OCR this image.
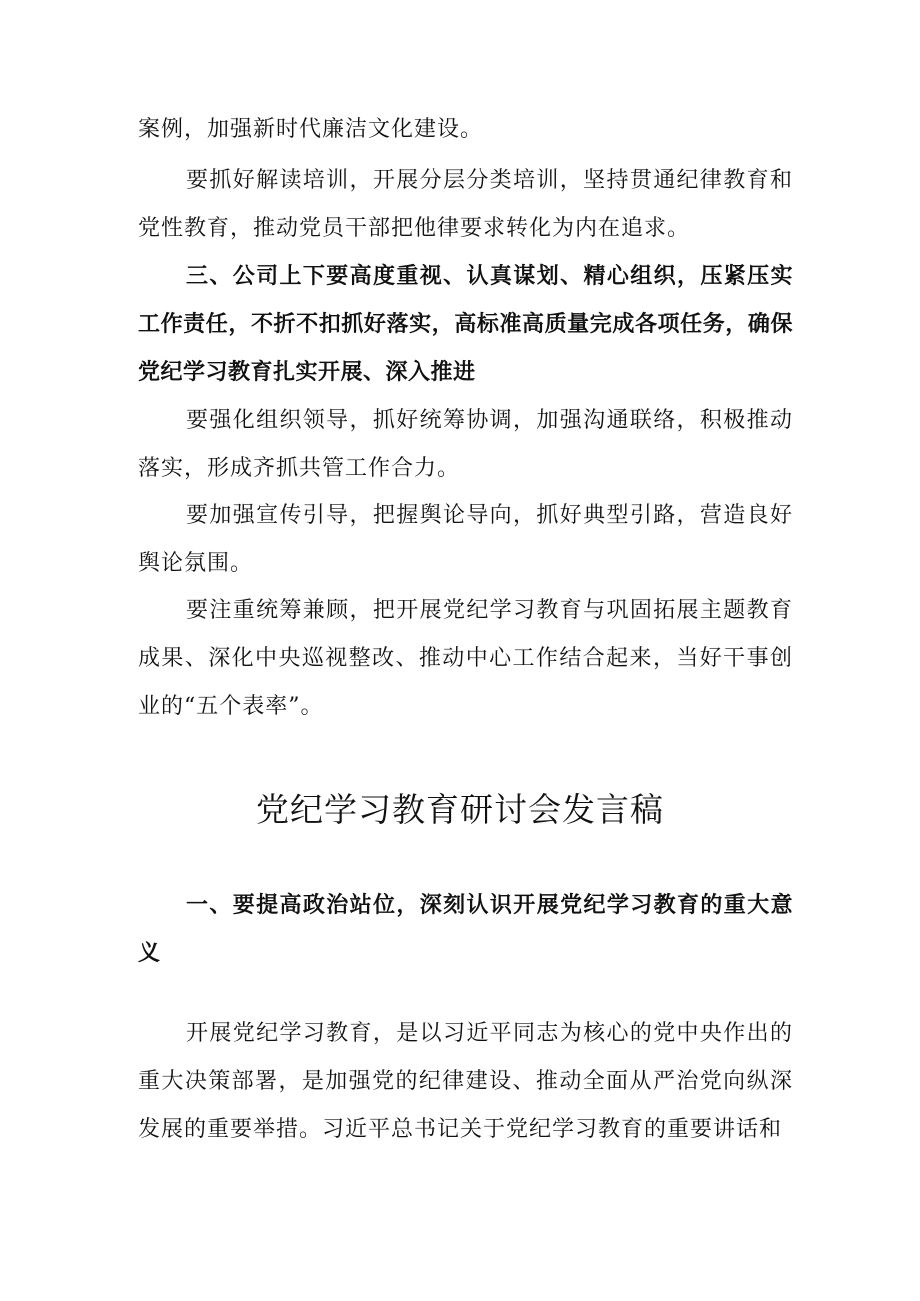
案例，加强新时代廉洁文化建设。

要抓好解读培训，开展分层分类培训，坚持贯通纪律教育和党性教育，推动党员干部把他律要求转化为内在追求。

三、公司上下要高度重视、认真谋划、精心组织，压紧压实工作责任，不折不扣抓好落实，高标准高质量完成各项任务，确保党纪学习教育扎实开展、深入推进

要强化组织领导，抓好统筹协调，加强沟通联络，积极推动落实，形成齐抓共管工作合力。

要加强宣传引导，把握舆论导向，抓好典型引路，营造良好舆论氛围。

要注重统筹兼顾，把开展党纪学习教育与巩固拓展主题教育成果、深化中央巡视整改、推动中心工作结合起来，当好干事创业的“五个表率”。

党纪学习教育研讨会发言稿

一、要提高政治站位，深刻认识开展党纪学习教育的重大意义

开展党纪学习教育，是以习近平同志为核心的党中央作出的重大决策部署，是加强党的纪律建设、推动全面从严治党向纵深发展的重要举措。习近平总书记关于党纪学习教育的重要讲话和
